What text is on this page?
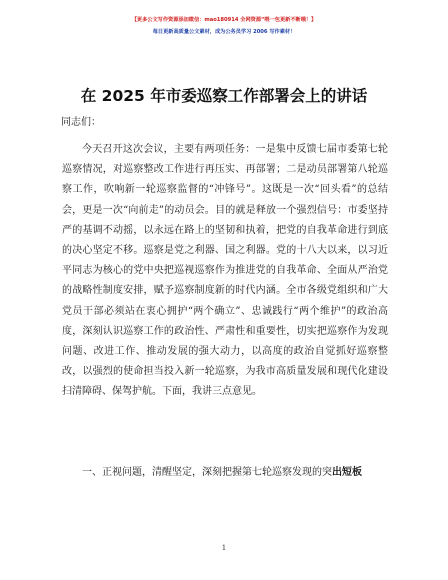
【更多公文写作资源添加微信：mao180914 全网资源“喂一包更新不断哦！】
每日更新高质量公文素材，成为公务员学习 2006 写作素材！
在 2025 年市委巡察工作部署会上的讲话
同志们：

今天召开这次会议，主要有两项任务：一是集中反馈七届市委第七轮巡察情况，对巡察整改工作进行再压实、再部署；二是动员部署第八轮巡察工作，吹响新一轮巡察监督的“冲锋号”。这既是一次“回头看”的总结会，更是一次“向前走”的动员会。目的就是释放一个强烈信号：市委坚持严的基调不动摇，以永远在路上的坚韧和执着，把党的自我革命进行到底的决心坚定不移。巡察是党之利器、国之利器。党的十八大以来，以习近平同志为核心的党中央把巡视巡察作为推进党的自我革命、全面从严治党的战略性制度安排，赋予巡察制度新的时代内涵。全市各级党组织和广大党员干部必须站在衷心拥护“两个确立”、忠诚践行“两个维护”的政治高度，深刻认识巡察工作的政治性、严肃性和重要性，切实把巡察作为发现问题、改进工作、推动发展的强大动力，以高度的政治自觉抓好巡察整改，以强烈的使命担当投入新一轮巡察，为我市高质量发展和现代化建设扫清障碍、保驾护航。下面，我讲三点意见。

一、正视问题，清醒坚定，深刻把握第七轮巡察发现的突出短板

1
